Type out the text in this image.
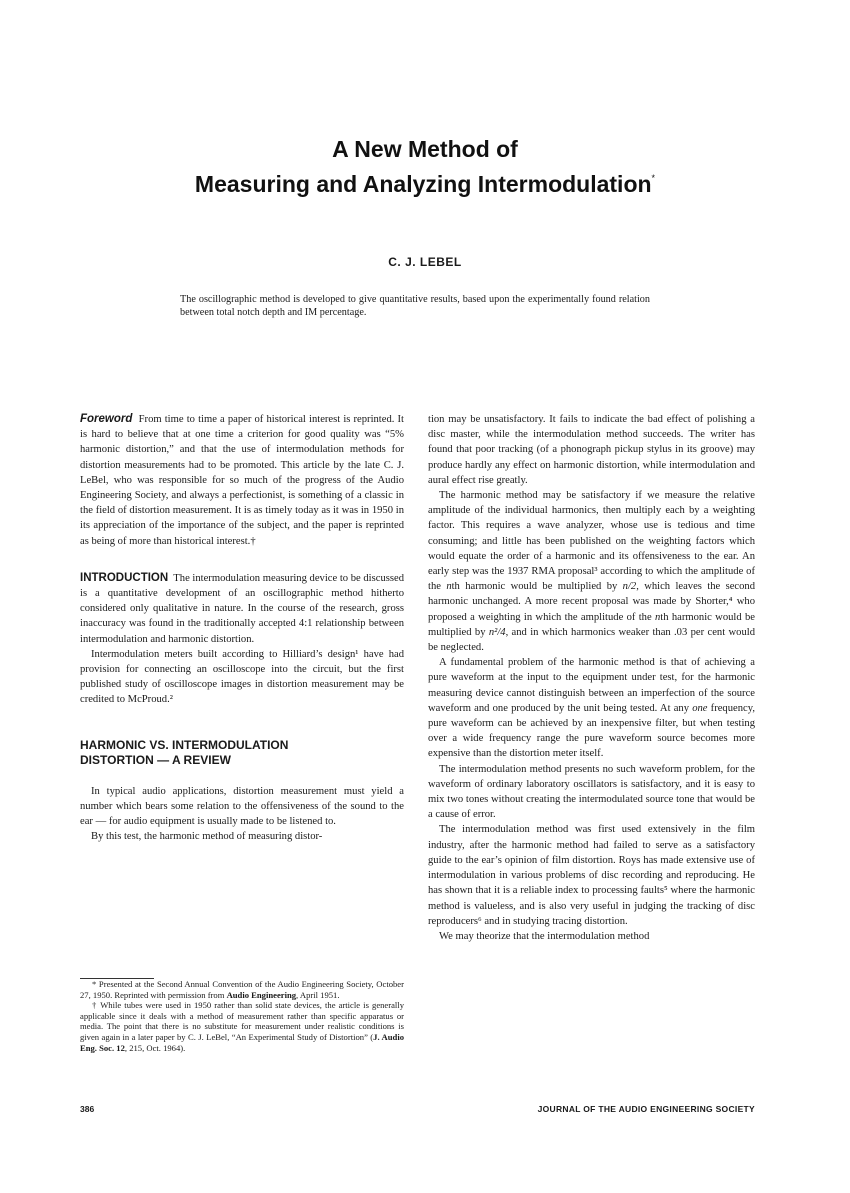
A New Method of
Measuring and Analyzing Intermodulation*
C. J. LEBEL
The oscillographic method is developed to give quantitative results, based upon the experimentally found relation between total notch depth and IM percentage.

Foreword From time to time a paper of historical interest is reprinted. It is hard to believe that at one time a criterion for good quality was “5% harmonic distortion,” and that the use of intermodulation methods for distortion measurements had to be promoted. This article by the late C. J. LeBel, who was responsible for so much of the progress of the Audio Engineering Society, and always a perfectionist, is something of a classic in the field of distortion measurement. It is as timely today as it was in 1950 in its appreciation of the importance of the subject, and the paper is reprinted as being of more than historical interest.†

INTRODUCTION The intermodulation measuring device to be discussed is a quantitative development of an oscillographic method hitherto considered only qualitative in nature. In the course of the research, gross inaccuracy was found in the traditionally accepted 4:1 relationship between intermodulation and harmonic distortion.

Intermodulation meters built according to Hilliard’s design¹ have had provision for connecting an oscilloscope into the circuit, but the first published study of oscilloscope images in distortion measurement may be credited to McProud.²

HARMONIC VS. INTERMODULATION
DISTORTION — A REVIEW

In typical audio applications, distortion measurement must yield a number which bears some relation to the offensiveness of the sound to the ear — for audio equipment is usually made to be listened to.

By this test, the harmonic method of measuring distor-

tion may be unsatisfactory. It fails to indicate the bad effect of polishing a disc master, while the intermodulation method succeeds. The writer has found that poor tracking (of a phonograph pickup stylus in its groove) may produce hardly any effect on harmonic distortion, while intermodulation and aural effect rise greatly.

The harmonic method may be satisfactory if we measure the relative amplitude of the individual harmonics, then multiply each by a weighting factor. This requires a wave analyzer, whose use is tedious and time consuming; and little has been published on the weighting factors which would equate the order of a harmonic and its offensiveness to the ear. An early step was the 1937 RMA proposal³ according to which the amplitude of the nth harmonic would be multiplied by n/2, which leaves the second harmonic unchanged. A more recent proposal was made by Shorter,⁴ who proposed a weighting in which the amplitude of the nth harmonic would be multiplied by n²/4, and in which harmonics weaker than .03 per cent would be neglected.

A fundamental problem of the harmonic method is that of achieving a pure waveform at the input to the equipment under test, for the harmonic measuring device cannot distinguish between an imperfection of the source waveform and one produced by the unit being tested. At any one frequency, pure waveform can be achieved by an inexpensive filter, but when testing over a wide frequency range the pure waveform source becomes more expensive than the distortion meter itself.

The intermodulation method presents no such waveform problem, for the waveform of ordinary laboratory oscillators is satisfactory, and it is easy to mix two tones without creating the intermodulated source tone that would be a cause of error.

The intermodulation method was first used extensively in the film industry, after the harmonic method had failed to serve as a satisfactory guide to the ear’s opinion of film distortion. Roys has made extensive use of intermodulation in various problems of disc recording and reproducing. He has shown that it is a reliable index to processing faults⁵ where the harmonic method is valueless, and is also very useful in judging the tracking of disc reproducers⁶ and in studying tracing distortion.

We may theorize that the intermodulation method

* Presented at the Second Annual Convention of the Audio Engineering Society, October 27, 1950. Reprinted with permission from Audio Engineering, April 1951.

† While tubes were used in 1950 rather than solid state devices, the article is generally applicable since it deals with a method of measurement rather than specific apparatus or media. The point that there is no substitute for measurement under realistic conditions is given again in a later paper by C. J. LeBel, “An Experimental Study of Distortion” (J. Audio Eng. Soc. 12, 215, Oct. 1964).

386	JOURNAL OF THE AUDIO ENGINEERING SOCIETY
